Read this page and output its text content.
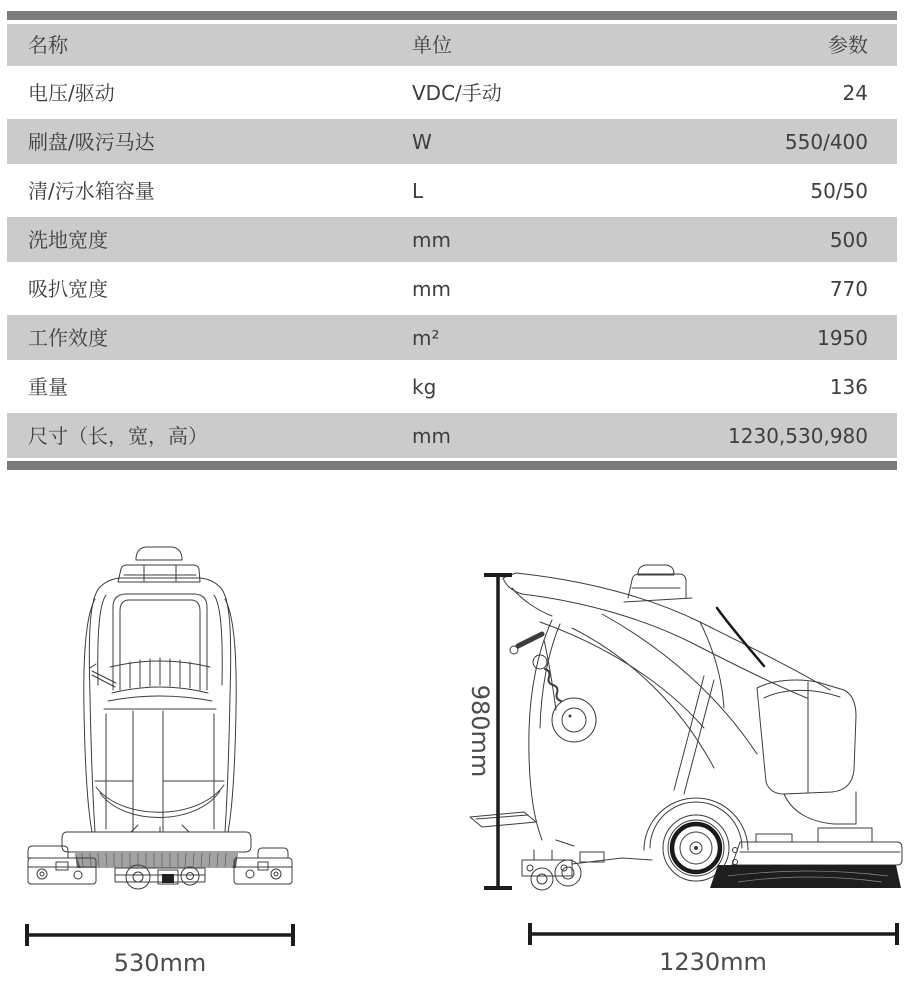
名称	单位	参数
电压/驱动	VDC/手动	24
刷盘/吸污马达	W	550/400
清/污水箱容量	L	50/50
洗地宽度	mm	500
吸扒宽度	mm	770
工作效度	m²	1950
重量	kg	136
尺寸（长，宽，高）	mm	1230,530,980
530mm
980mm
1230mm
